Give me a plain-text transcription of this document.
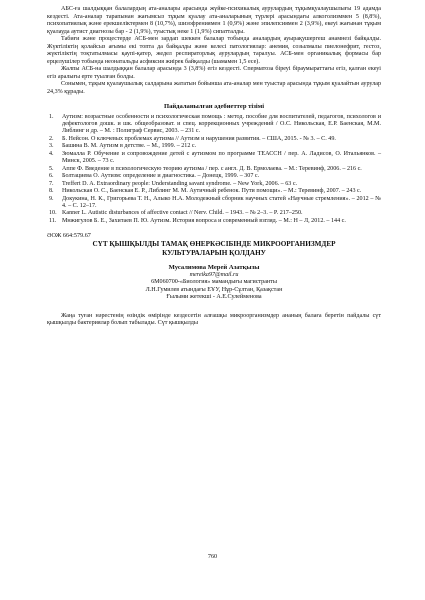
АБС-ға шалдыққан балалардың ата-аналары арасында жүйке-психикалық аурулардың тұқымқуалаушылығы 19 адамда кездесті. Ата-аналар тарапынан жағымсыз тұқым қуалау ата-аналарының түрлері арасындағы алкоголизммен 5 (8,8%), психопатиялық және ерекшеліктермен 8 (10,7%), шизофрениямен 1 (0,9%) және эпилепсиямен 2 (3,9%), екеуі жағынан тұқым қуалауда аутист диагнозы бар - 2 (1,9%), туыстық неке 1 (1,9%) сипатталды.

Табиғи және процестерде АСБ-мен зардап шеккен балалар тобында аналардың ауырақушергеш анамнезі байқалды. Жүктiлiктің қолайсыз ағымы екі топта да байқалды және келесі патологиялар: анемия, созылмалы пиелонефрит, гестоз, жүктiлiктiң тоқтатылмасы қаупі-қатер, жедел респираторлық аурулардың таралуы. АСБ-мен органикалық формасы бар ерцелушілер тобында неонатальды асфиксия жиірек байқалды (шамамен 1,5 есе).

Жалпы АСБ-на шалдыққан балалар арасында 3 (3,8%) егіз кездесті. Сперматоза біреуі біраумыраттағы егіз, қалған екеуі егіз аралығы ерте туылған болды.

Сонымен, тұқым қуалаушылық салдарына жататын бойынша ата-аналар мен туыстар арасында тұқым қуалайтын аурулар 24,3% құрады.

Пайдаланылған әдебиеттер тізімі
1.	Аутизм: возрастные особенности и психологическая помощь : метод. пособие для воспитателей, педагогов, психологов и дефектологов дошк. и шк. общеобразоват. и спец. коррекционных учреждений / О.С. Никольская, Е.Р. Баенская, М.М. Либлинг и др. – М. : Полиграф Сервис, 2003. – 231 с.
2.	Б. Нейсон. О ключевых проблемах аутизма // Аутизм и нарушения развития. – США, 2015. - № 3. – С. 49.
3.	Башина В. М. Аутизм в детстве. – М., 1999. – 212 с.
4.	Зюмалла Р. Обучение и сопровождение детей с аутизмом по программе ТЕАССН / пер. А. Ладисов, О. Итальянков. – Минск, 2005. – 73 с.
5.	Аппе Ф. Введение в психологическую теорию аутизма / пер. с англ. Д. В. Ермолаева. – М.: Теревинф, 2006. – 216 с.
6.	Болтациева О. Аутизм: определение и диагностика. – Донецк, 1999. – 307 с.
7.	Treffert D. A. Extraordinary people: Understanding savant syndrome. – New York, 2006. – 63 с.
8.	Никольская О. С., Баенская Е. Р., Либлинг М. М. Аутичный ребенок. Пути помощи». – М.: Теревинф, 2007. – 243 с.
9.	Докукина, Н. К., Григорьева Т. Н., Алыко Н.А. Молодежный сборник научных статей «Научные стремления». – 2012 – № 4. – С. 12–17.
10. Kanner L. Autistic disturbances of affective contact // Nerv. Child. – 1943. – № 2–3. – P. 217–250.
11. Мнжигулов Б. Е., Захитаев П. Ю. Аутизм. История вопроса и современный взгляд. – М.: Н – Л, 2012. – 144 с.
ӘОЖ 664:579.67
СҮТ ҚЫШҚЫЛДЫ ТАМАҚ ӨНЕРКӘСІБІНДЕ МИКРООРГАНИЗМДЕР
КУЛЬТУРАЛАРЫН ҚОЛДАНУ
Мусалимова Мерей Азатқызы
mereika97@mail.ru
6М060700-«Биология» мамандығы магистранты
Л.Н.Гумилев атындағы ЕҰУ, Нұр-Сұлтан, Қазақстан
Ғылыми жетекші - А.Е.Сулейменова

Жаңа туған нәрестенің өзіндік өмірінде кездесетін алғашқы микроорганизмдер ананың балаға беретін пайдалы сүт қышқылды бактериялар болып табылады. Сүт қышқылды

760
